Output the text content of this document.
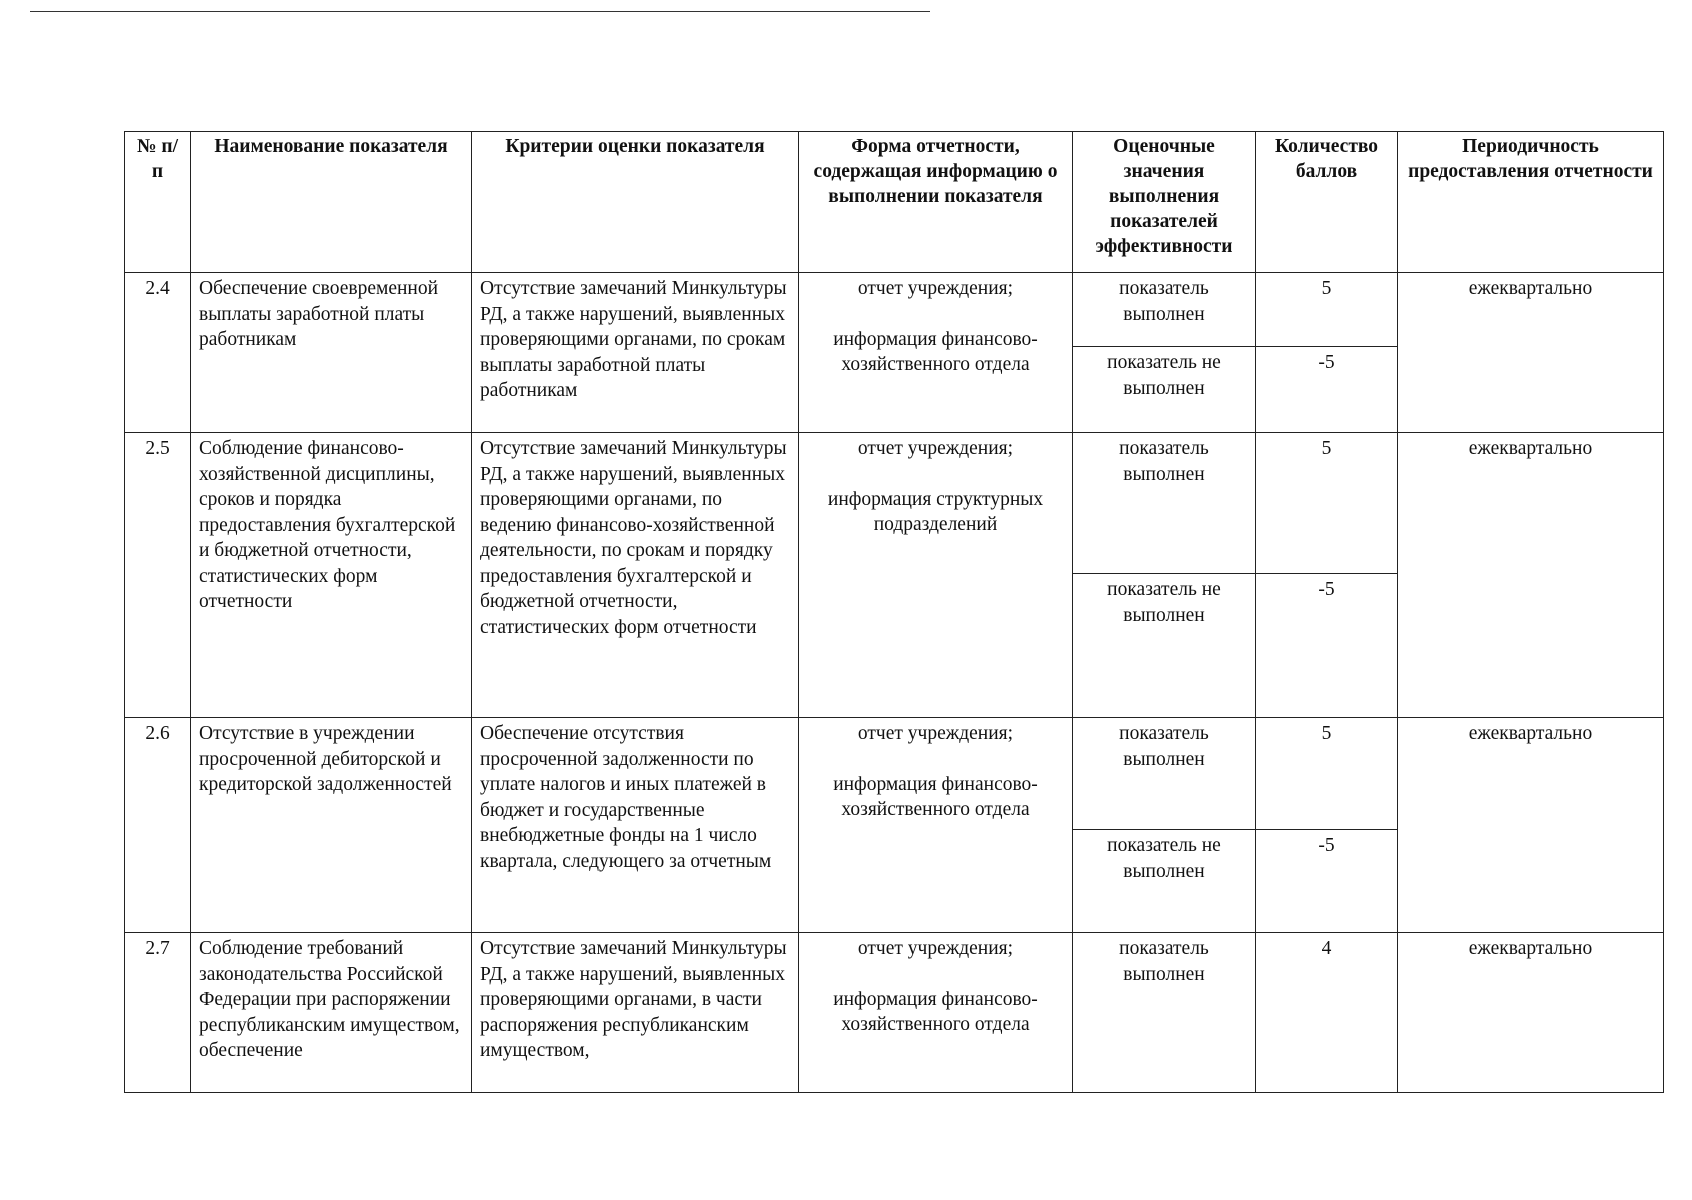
№ п/п	Наименование показателя	Критерии оценки показателя	Форма отчетности, содержащая информацию о выполнении показателя	Оценочные значения выполнения показателей эффективности	Количество баллов	Периодичность предоставления отчетности
2.4	Обеспечение своевременной выплаты заработной платы работникам	Отсутствие замечаний Минкультуры РД, а также нарушений, выявленных проверяющими органами, по срокам выплаты заработной платы работникам	отчет учреждения;
информация финансово-хозяйственного отдела	показатель выполнен	5	ежеквартально
				показатель не выполнен	-5	
2.5	Соблюдение финансово-хозяйственной дисциплины, сроков и порядка предоставления бухгалтерской и бюджетной отчетности, статистических форм отчетности	Отсутствие замечаний Минкультуры РД, а также нарушений, выявленных проверяющими органами, по ведению финансово-хозяйственной деятельности, по срокам и порядку предоставления бухгалтерской и бюджетной отчетности, статистических форм отчетности	отчет учреждения;
информация структурных подразделений	показатель выполнен	5	ежеквартально
				показатель не выполнен	-5	
2.6	Отсутствие в учреждении просроченной дебиторской и кредиторской задолженностей	Обеспечение отсутствия просроченной задолженности по уплате налогов и иных платежей в бюджет и государственные внебюджетные фонды на 1 число квартала, следующего за отчетным	отчет учреждения;
информация финансово-хозяйственного отдела	показатель выполнен	5	ежеквартально
				показатель не выполнен	-5	
2.7	Соблюдение требований законодательства Российской Федерации при распоряжении республиканским имуществом, обеспечение	Отсутствие замечаний Минкультуры РД, а также нарушений, выявленных проверяющими органами, в части распоряжения республиканским имуществом,	отчет учреждения;
информация финансово-хозяйственного отдела	показатель выполнен	4	ежеквартально
